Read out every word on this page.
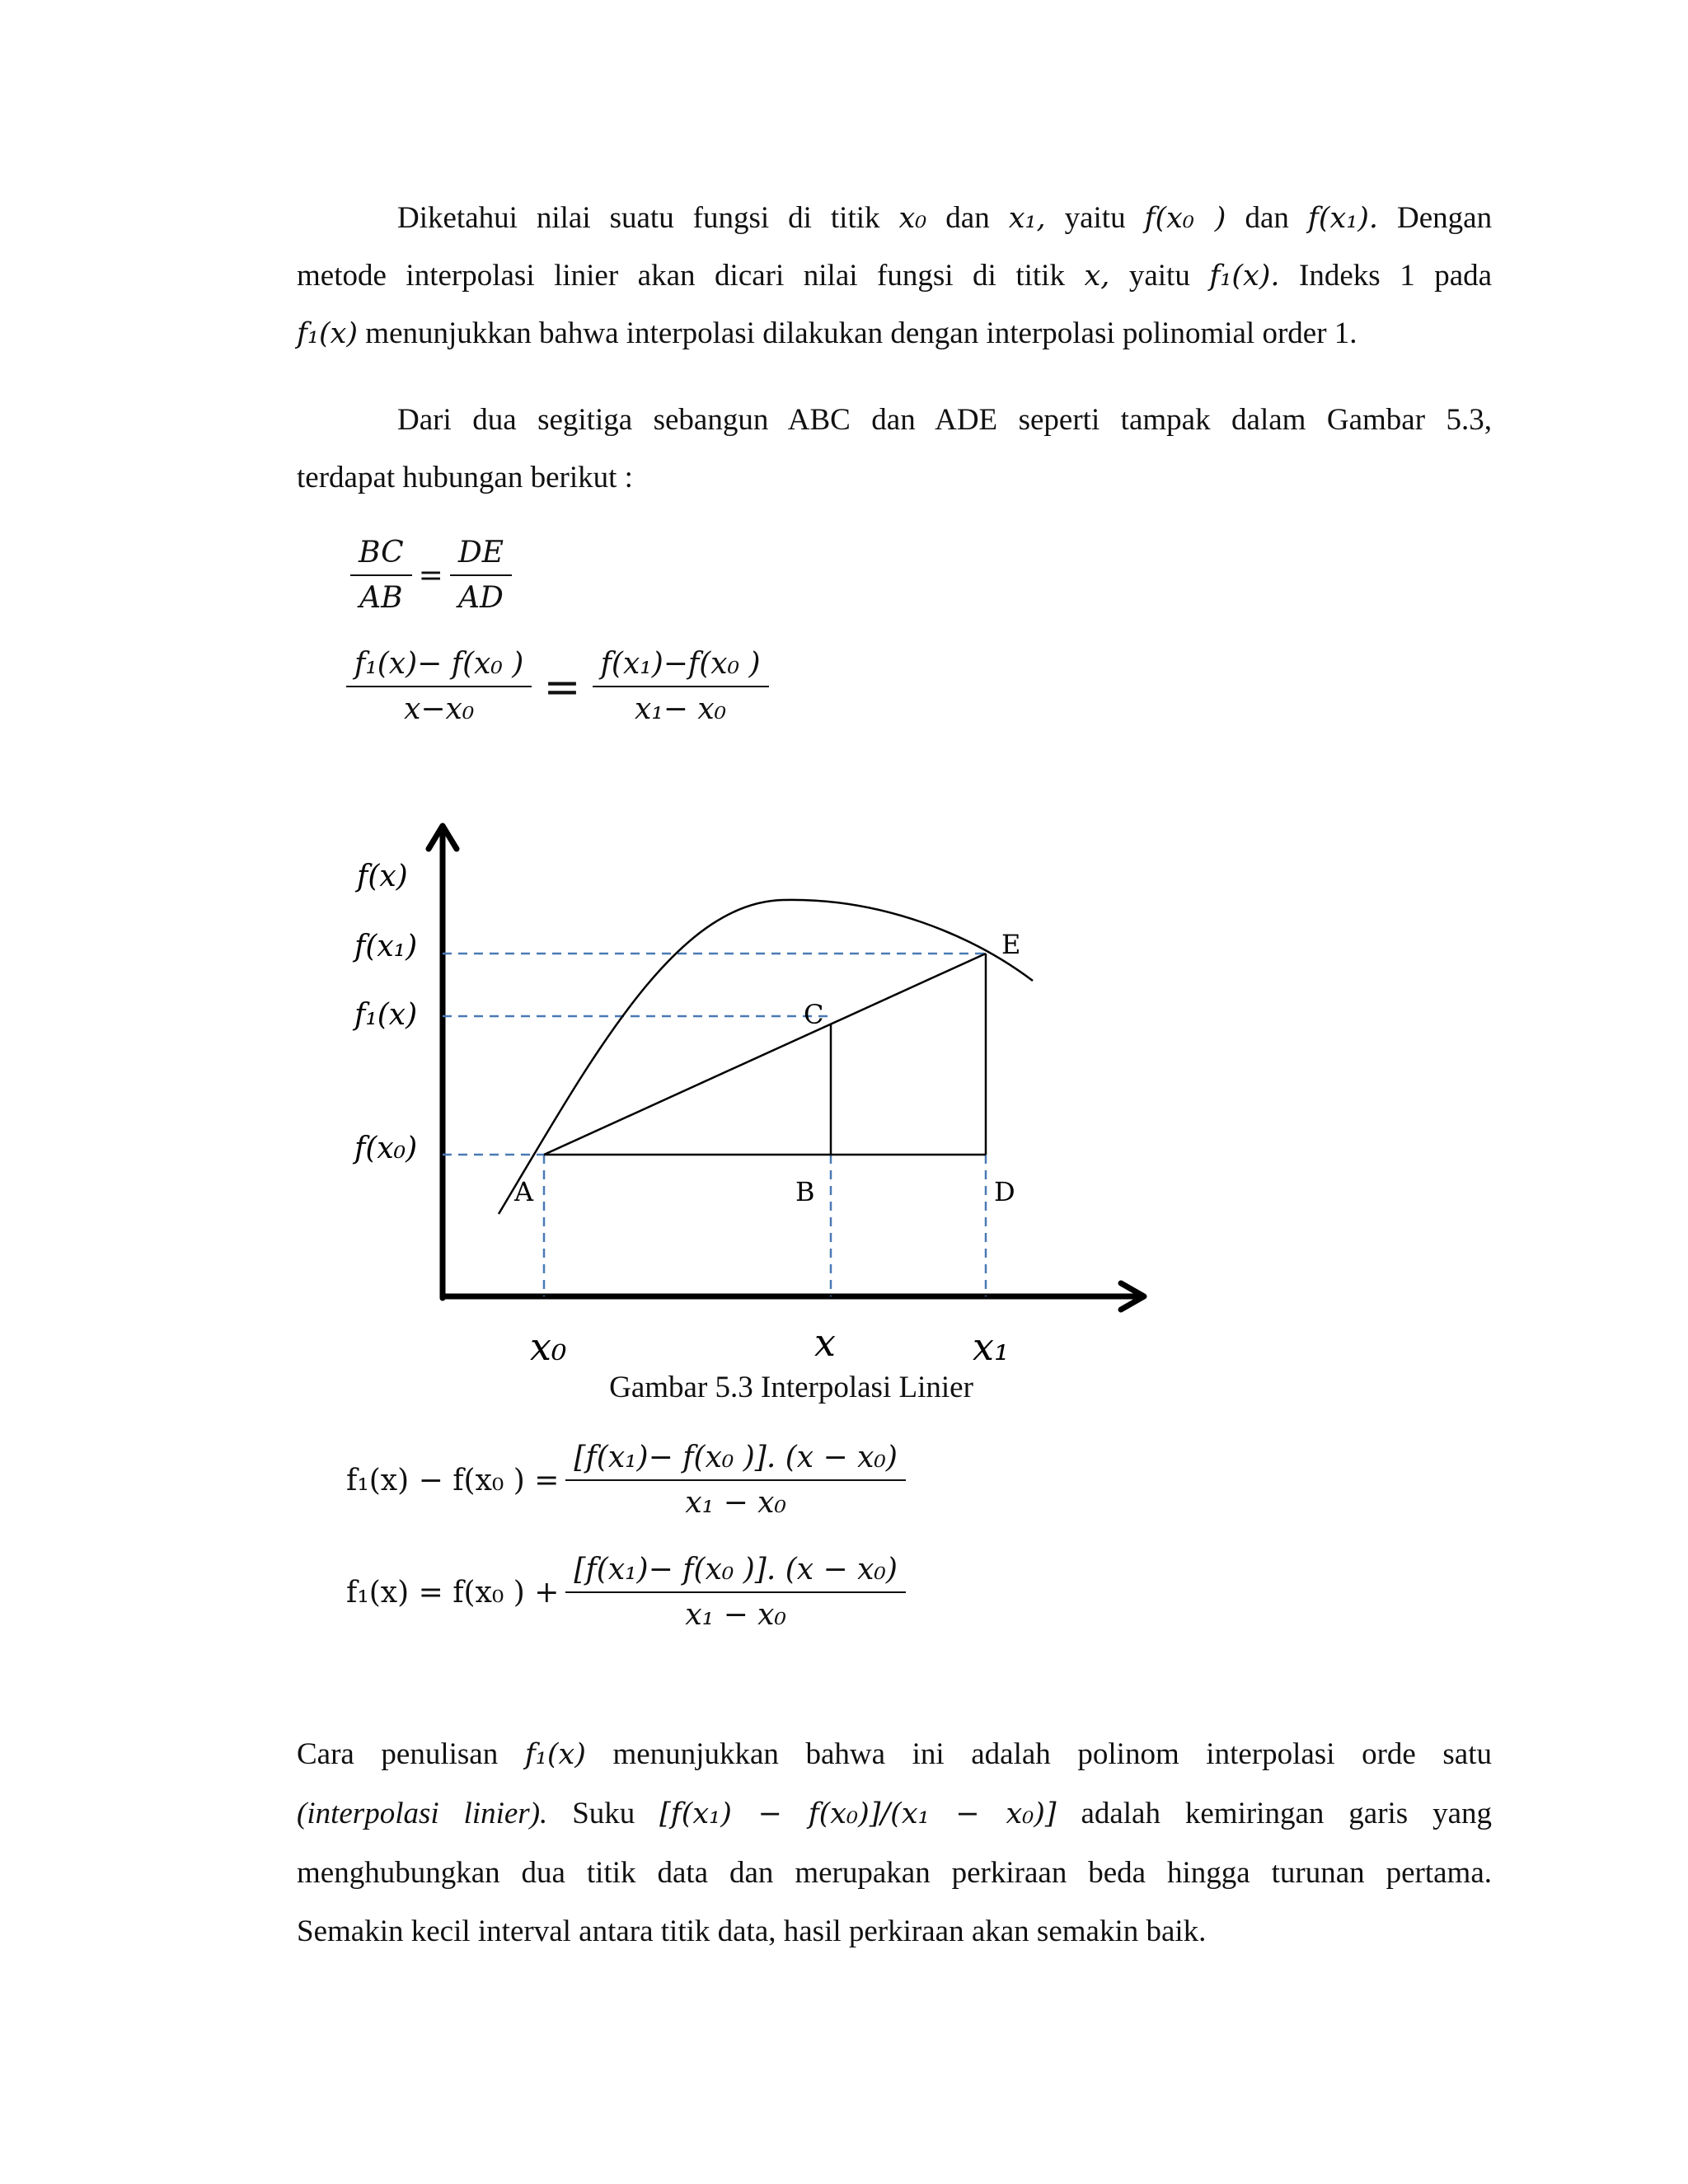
Diketahui nilai suatu fungsi di titik x₀ dan x₁, yaitu f(x₀ ) dan f(x₁). Dengan
metode interpolasi linier akan dicari nilai fungsi di titik x, yaitu f₁(x). Indeks 1 pada
f₁(x) menunjukkan bahwa interpolasi dilakukan dengan interpolasi polinomial order 1.
Dari dua segitiga sebangun ABC dan ADE seperti tampak dalam Gambar 5.3,
terdapat hubungan berikut :
$\frac{BC}{AB} = \frac{DE}{AD}$
$\frac{\text{f₁(x)− f(x₀ )}}{\text{x−x₀}} = \frac{\text{f(x₁)−f(x₀ )}}{\text{x₁− x₀}}$
A	B
C
D
E
f(x)
f(x₁)
f₁(x)
f(x₀)
x₀	x	x₁
Gambar 5.3 Interpolasi Linier
f₁(x) − f(x₀ ) = $\frac{\text{[f(x₁)− f(x₀ )]. (x − x₀)}}{\text{x₁ − x₀}}$
f₁(x) = f(x₀ ) + $\frac{\text{[f(x₁)− f(x₀ )]. (x − x₀)}}{\text{x₁ − x₀}}$
Cara penulisan f₁(x) menunjukkan bahwa ini adalah polinom interpolasi orde satu
(interpolasi linier). Suku [f(x₁) − f(x₀)]/(x₁ − x₀)] adalah kemiringan garis yang
menghubungkan dua titik data dan merupakan perkiraan beda hingga turunan pertama.
Semakin kecil interval antara titik data, hasil perkiraan akan semakin baik.
